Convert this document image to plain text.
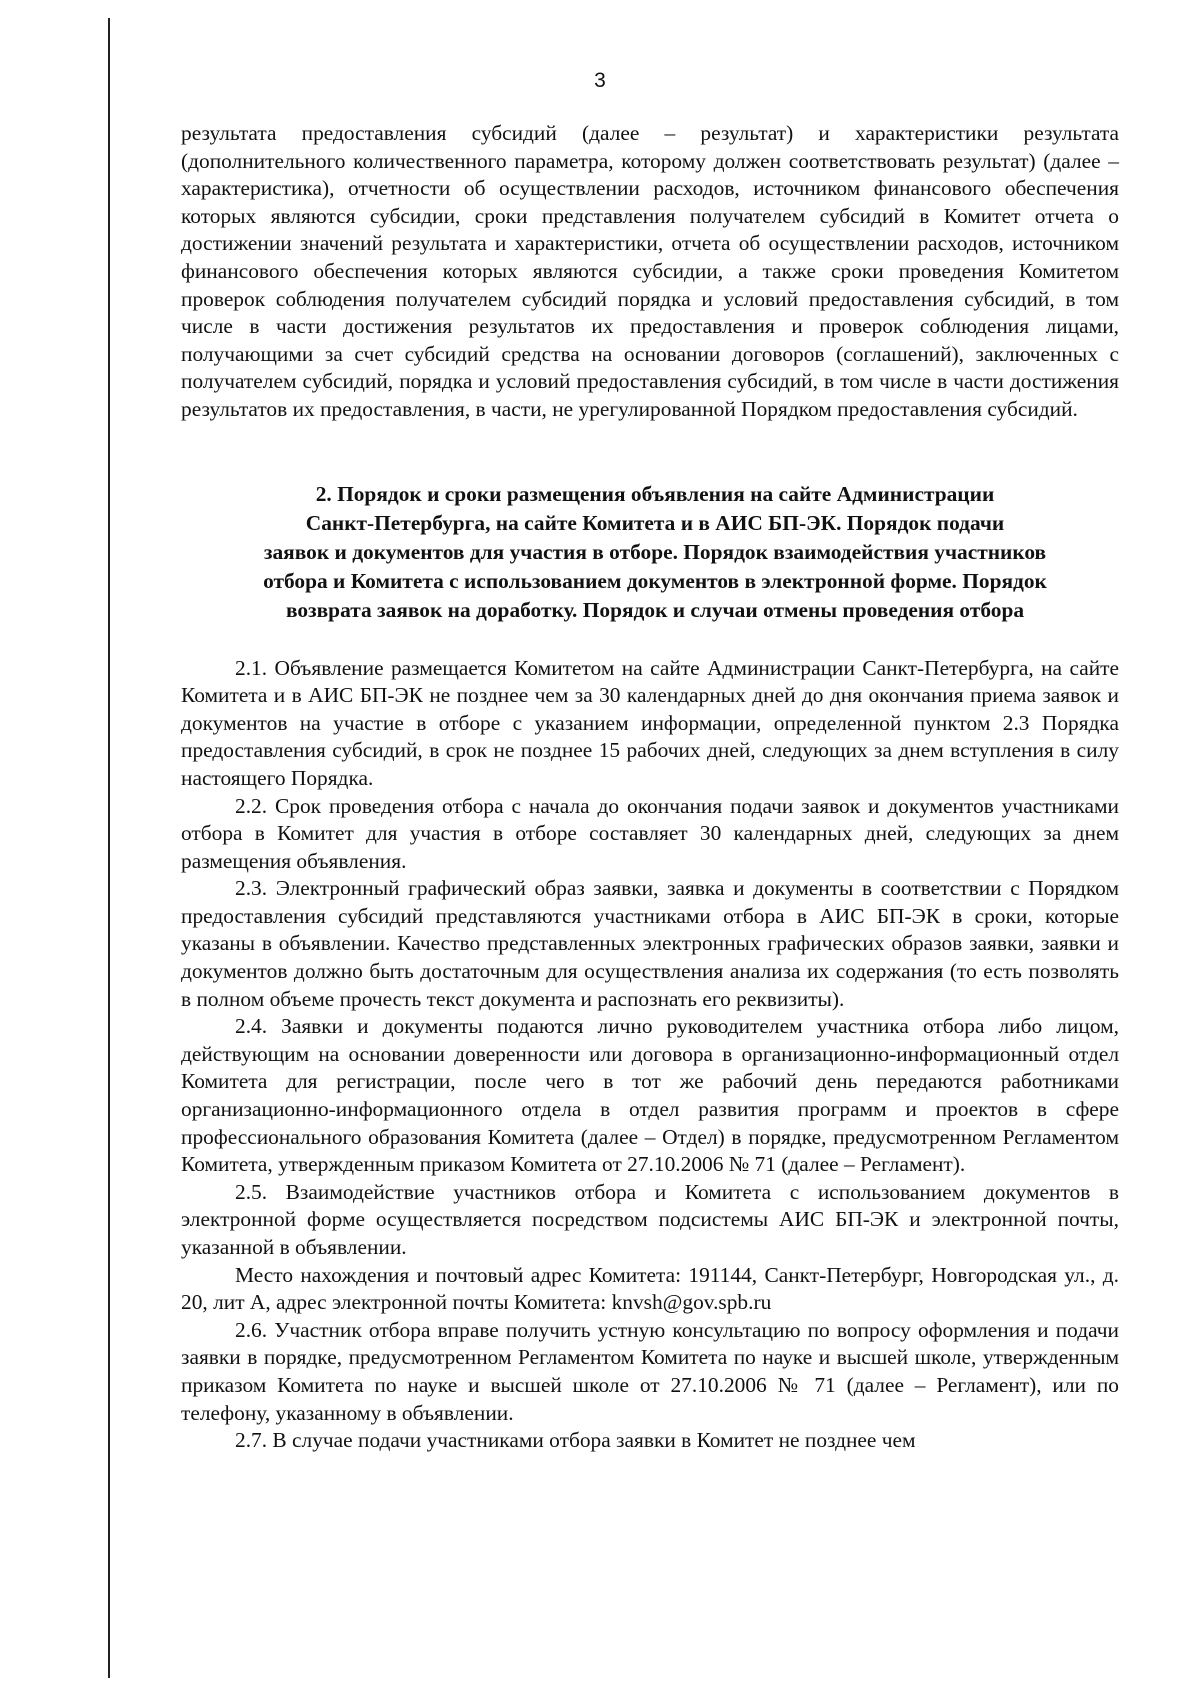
3

результата предоставления субсидий (далее – результат) и характеристики результата (дополнительного количественного параметра, которому должен соответствовать результат) (далее – характеристика), отчетности об осуществлении расходов, источником финансового обеспечения которых являются субсидии, сроки представления получателем субсидий в Комитет отчета о достижении значений результата и характеристики, отчета об осуществлении расходов, источником финансового обеспечения которых являются субсидии, а также сроки проведения Комитетом проверок соблюдения получателем субсидий порядка и условий предоставления субсидий, в том числе в части достижения результатов их предоставления и проверок соблюдения лицами, получающими за счет субсидий средства на основании договоров (соглашений), заключенных с получателем субсидий, порядка и условий предоставления субсидий, в том числе в части достижения результатов их предоставления, в части, не урегулированной Порядком предоставления субсидий.

2. Порядок и сроки размещения объявления на сайте Администрации
Санкт-Петербурга, на сайте Комитета и в АИС БП-ЭК. Порядок подачи
заявок и документов для участия в отборе. Порядок взаимодействия участников
отбора и Комитета с использованием документов в электронной форме. Порядок
возврата заявок на доработку. Порядок и случаи отмены проведения отбора

2.1. Объявление размещается Комитетом на сайте Администрации Санкт-Петербурга, на сайте Комитета и в АИС БП-ЭК не позднее чем за 30 календарных дней до дня окончания приема заявок и документов на участие в отборе с указанием информации, определенной пунктом 2.3 Порядка предоставления субсидий, в срок не позднее 15 рабочих дней, следующих за днем вступления в силу настоящего Порядка.

2.2. Срок проведения отбора с начала до окончания подачи заявок и документов участниками отбора в Комитет для участия в отборе составляет 30 календарных дней, следующих за днем размещения объявления.

2.3. Электронный графический образ заявки, заявка и документы в соответствии с Порядком предоставления субсидий представляются участниками отбора в АИС БП-ЭК в сроки, которые указаны в объявлении. Качество представленных электронных графических образов заявки, заявки и документов должно быть достаточным для осуществления анализа их содержания (то есть позволять в полном объеме прочесть текст документа и распознать его реквизиты).

2.4. Заявки и документы подаются лично руководителем участника отбора либо лицом, действующим на основании доверенности или договора в организационно-информационный отдел Комитета для регистрации, после чего в тот же рабочий день передаются работниками организационно-информационного отдела в отдел развития программ и проектов в сфере профессионального образования Комитета (далее – Отдел) в порядке, предусмотренном Регламентом Комитета, утвержденным приказом Комитета от 27.10.2006 № 71 (далее – Регламент).

2.5. Взаимодействие участников отбора и Комитета с использованием документов в электронной форме осуществляется посредством подсистемы АИС БП-ЭК и электронной почты, указанной в объявлении.

Место нахождения и почтовый адрес Комитета: 191144, Санкт-Петербург, Новгородская ул., д. 20, лит А, адрес электронной почты Комитета: knvsh@gov.spb.ru

2.6. Участник отбора вправе получить устную консультацию по вопросу оформления и подачи заявки в порядке, предусмотренном Регламентом Комитета по науке и высшей школе, утвержденным приказом Комитета по науке и высшей школе от 27.10.2006 № 71 (далее – Регламент), или по телефону, указанному в объявлении.

2.7. В случае подачи участниками отбора заявки в Комитет не позднее чем
